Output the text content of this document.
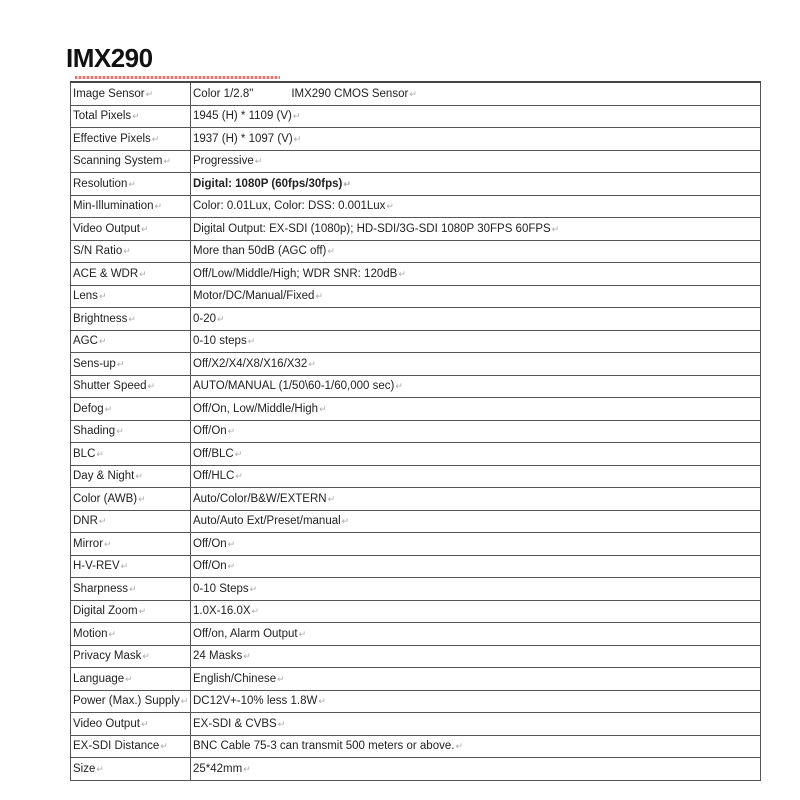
IMX290
Image Sensor↵	Color 1/2.8" IMX290 CMOS Sensor↵
Total Pixels↵	1945 (H) * 1109 (V)↵
Effective Pixels↵	1937 (H) * 1097 (V)↵
Scanning System↵	Progressive↵
Resolution↵	Digital: 1080P (60fps/30fps)↵
Min-Illumination↵	Color: 0.01Lux, Color: DSS: 0.001Lux↵
Video Output↵	Digital Output: EX-SDI (1080p); HD-SDI/3G-SDI 1080P 30FPS 60FPS↵
S/N Ratio↵	More than 50dB (AGC off)↵
ACE & WDR↵	Off/Low/Middle/High; WDR SNR: 120dB↵
Lens↵	Motor/DC/Manual/Fixed↵
Brightness↵	0-20↵
AGC↵	0-10 steps↵
Sens-up↵	Off/X2/X4/X8/X16/X32↵
Shutter Speed↵	AUTO/MANUAL (1/50\60-1/60,000 sec)↵
Defog↵	Off/On, Low/Middle/High↵
Shading↵	Off/On↵
BLC↵	Off/BLC↵
Day & Night↵	Off/HLC↵
Color (AWB)↵	Auto/Color/B&W/EXTERN↵
DNR↵	Auto/Auto Ext/Preset/manual↵
Mirror↵	Off/On↵
H-V-REV↵	Off/On↵
Sharpness↵	0-10 Steps↵
Digital Zoom↵	1.0X-16.0X↵
Motion↵	Off/on, Alarm Output↵
Privacy Mask↵	24 Masks↵
Language↵	English/Chinese↵
Power (Max.) Supply↵	DC12V+-10% less 1.8W↵
Video Output↵	EX-SDI & CVBS↵
EX-SDI Distance↵	BNC Cable 75-3 can transmit 500 meters or above.↵
Size↵	25*42mm↵
